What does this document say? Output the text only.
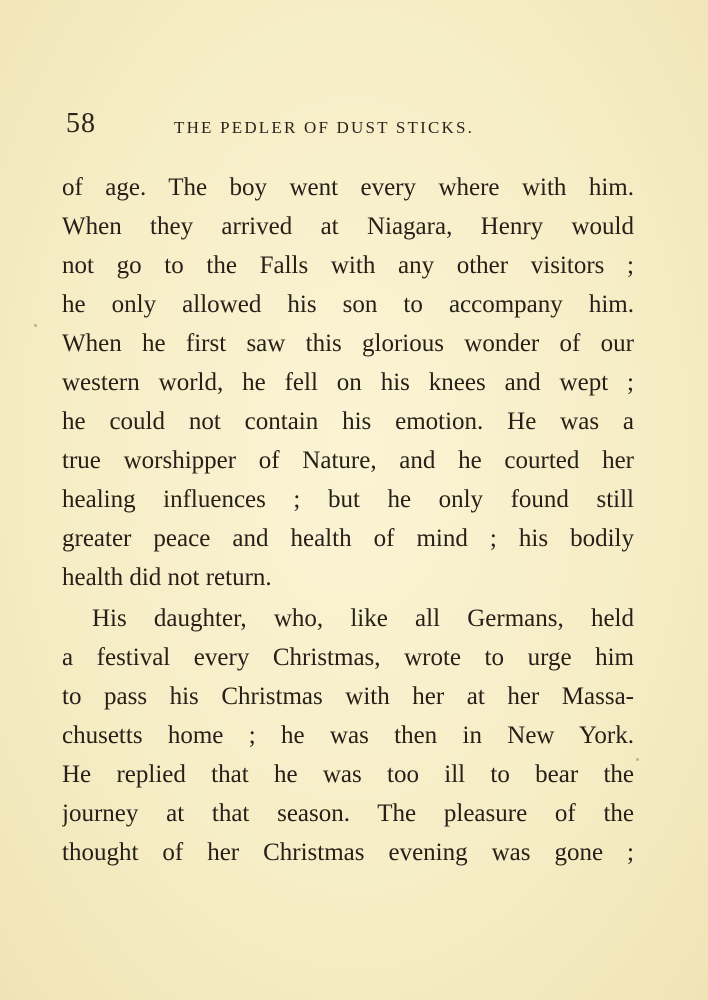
58	THE PEDLER OF DUST STICKS.
of age. The boy went every where with him.
When they arrived at Niagara, Henry would
not go to the Falls with any other visitors ;
he only allowed his son to accompany him.
When he first saw this glorious wonder of our
western world, he fell on his knees and wept ;
he could not contain his emotion. He was a
true worshipper of Nature, and he courted her
healing influences ; but he only found still
greater peace and health of mind ; his bodily
health did not return.
His daughter, who, like all Germans, held
a festival every Christmas, wrote to urge him
to pass his Christmas with her at her Massa-
chusetts home ; he was then in New York.
He replied that he was too ill to bear the
journey at that season. The pleasure of the
thought of her Christmas evening was gone ;
